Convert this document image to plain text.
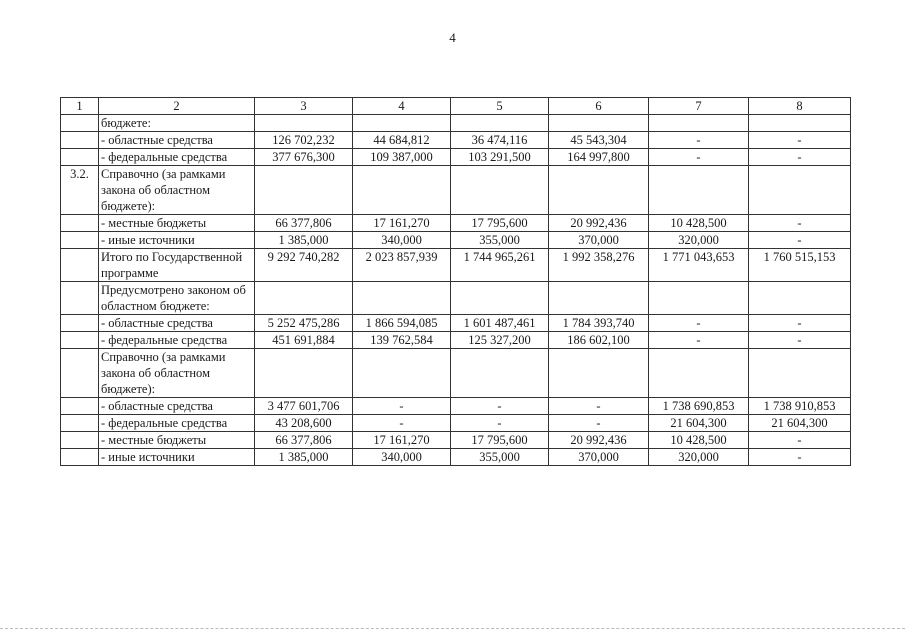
4
1	2	3	4	5	6	7	8
	бюджете:						
	- областные средства	126 702,232	44 684,812	36 474,116	45 543,304	-	-
	- федеральные средства	377 676,300	109 387,000	103 291,500	164 997,800	-	-
3.2.	Справочно (за рамками закона об областном бюджете):						
	- местные бюджеты	66 377,806	17 161,270	17 795,600	20 992,436	10 428,500	-
	- иные источники	1 385,000	340,000	355,000	370,000	320,000	-
	Итого по Государственной программе	9 292 740,282	2 023 857,939	1 744 965,261	1 992 358,276	1 771 043,653	1 760 515,153
	Предусмотрено законом об областном бюджете:						
	- областные средства	5 252 475,286	1 866 594,085	1 601 487,461	1 784 393,740	-	-
	- федеральные средства	451 691,884	139 762,584	125 327,200	186 602,100	-	-
	Справочно (за рамками закона об областном бюджете):						
	- областные средства	3 477 601,706	-	-	-	1 738 690,853	1 738 910,853
	- федеральные средства	43 208,600	-	-	-	21 604,300	21 604,300
	- местные бюджеты	66 377,806	17 161,270	17 795,600	20 992,436	10 428,500	-
	- иные источники	1 385,000	340,000	355,000	370,000	320,000	-
